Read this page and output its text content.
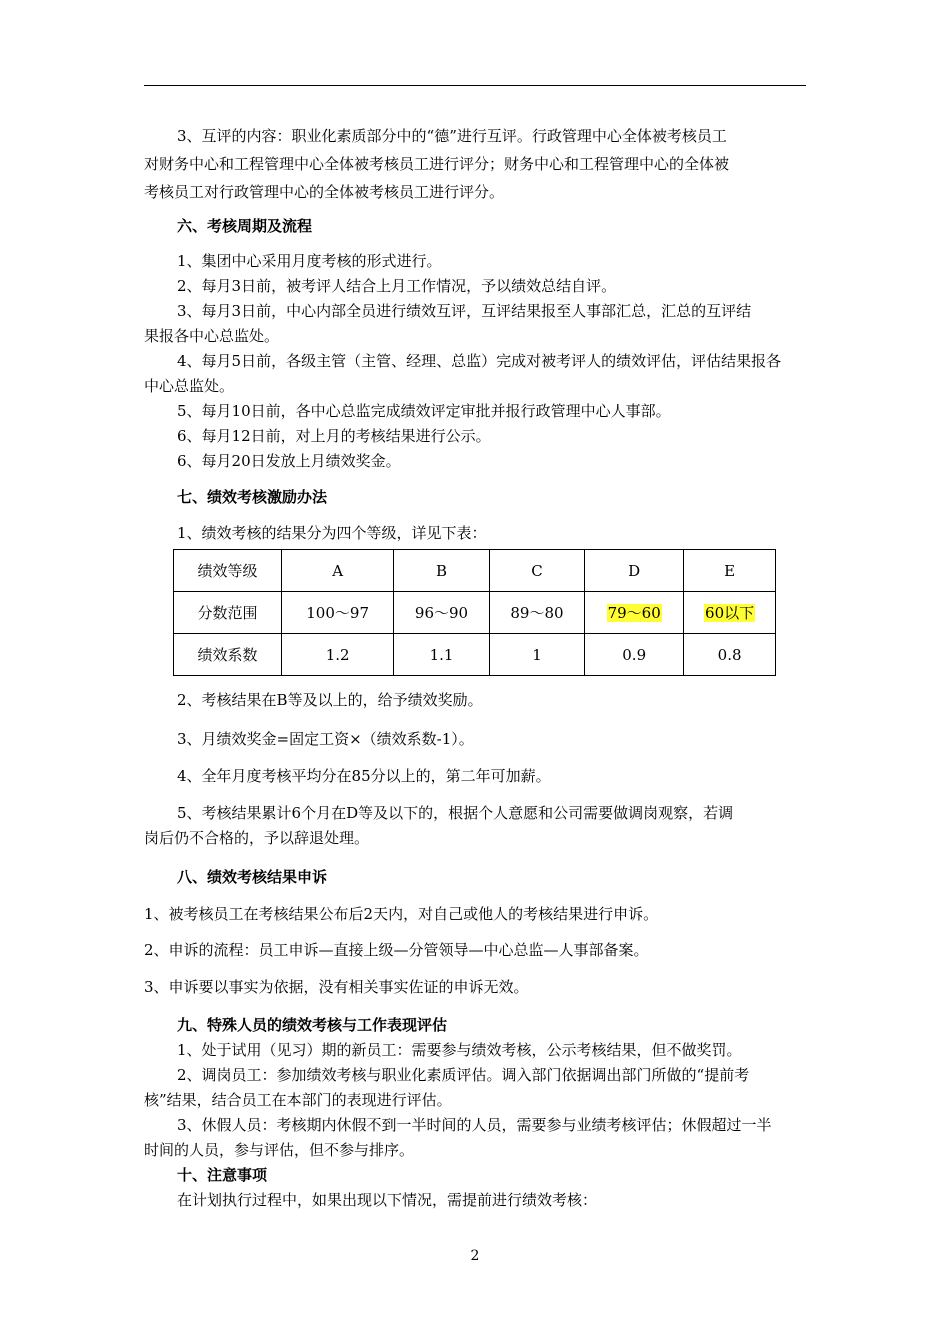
3、互评的内容：职业化素质部分中的“德”进行互评。行政管理中心全体被考核员工
对财务中心和工程管理中心全体被考核员工进行评分；财务中心和工程管理中心的全体被
考核员工对行政管理中心的全体被考核员工进行评分。
六、考核周期及流程
1、集团中心采用月度考核的形式进行。
2、每月3日前，被考评人结合上月工作情况，予以绩效总结自评。
3、每月3日前，中心内部全员进行绩效互评，互评结果报至人事部汇总，汇总的互评结
果报各中心总监处。
4、每月5日前，各级主管（主管、经理、总监）完成对被考评人的绩效评估，评估结果报各
中心总监处。
5、每月10日前，各中心总监完成绩效评定审批并报行政管理中心人事部。
6、每月12日前，对上月的考核结果进行公示。
6、每月20日发放上月绩效奖金。
七、绩效考核激励办法
1、绩效考核的结果分为四个等级，详见下表：
绩效等级	A	B	C	D	E
分数范围	100～97	96～90	89～80	79～60	60以下
绩效系数	1.2	1.1	1	0.9	0.8
2、考核结果在B等及以上的，给予绩效奖励。
3、月绩效奖金=固定工资×（绩效系数-1）。
4、全年月度考核平均分在85分以上的，第二年可加薪。
5、考核结果累计6个月在D等及以下的，根据个人意愿和公司需要做调岗观察，若调
岗后仍不合格的，予以辞退处理。
八、绩效考核结果申诉
1、被考核员工在考核结果公布后2天内，对自己或他人的考核结果进行申诉。
2、申诉的流程：员工申诉—直接上级—分管领导—中心总监—人事部备案。
3、申诉要以事实为依据，没有相关事实佐证的申诉无效。
九、特殊人员的绩效考核与工作表现评估
1、处于试用（见习）期的新员工：需要参与绩效考核，公示考核结果，但不做奖罚。
2、调岗员工：参加绩效考核与职业化素质评估。调入部门依据调出部门所做的“提前考
核”结果，结合员工在本部门的表现进行评估。
3、休假人员：考核期内休假不到一半时间的人员，需要参与业绩考核评估；休假超过一半
时间的人员，参与评估，但不参与排序。
十、注意事项
在计划执行过程中，如果出现以下情况，需提前进行绩效考核：
2
